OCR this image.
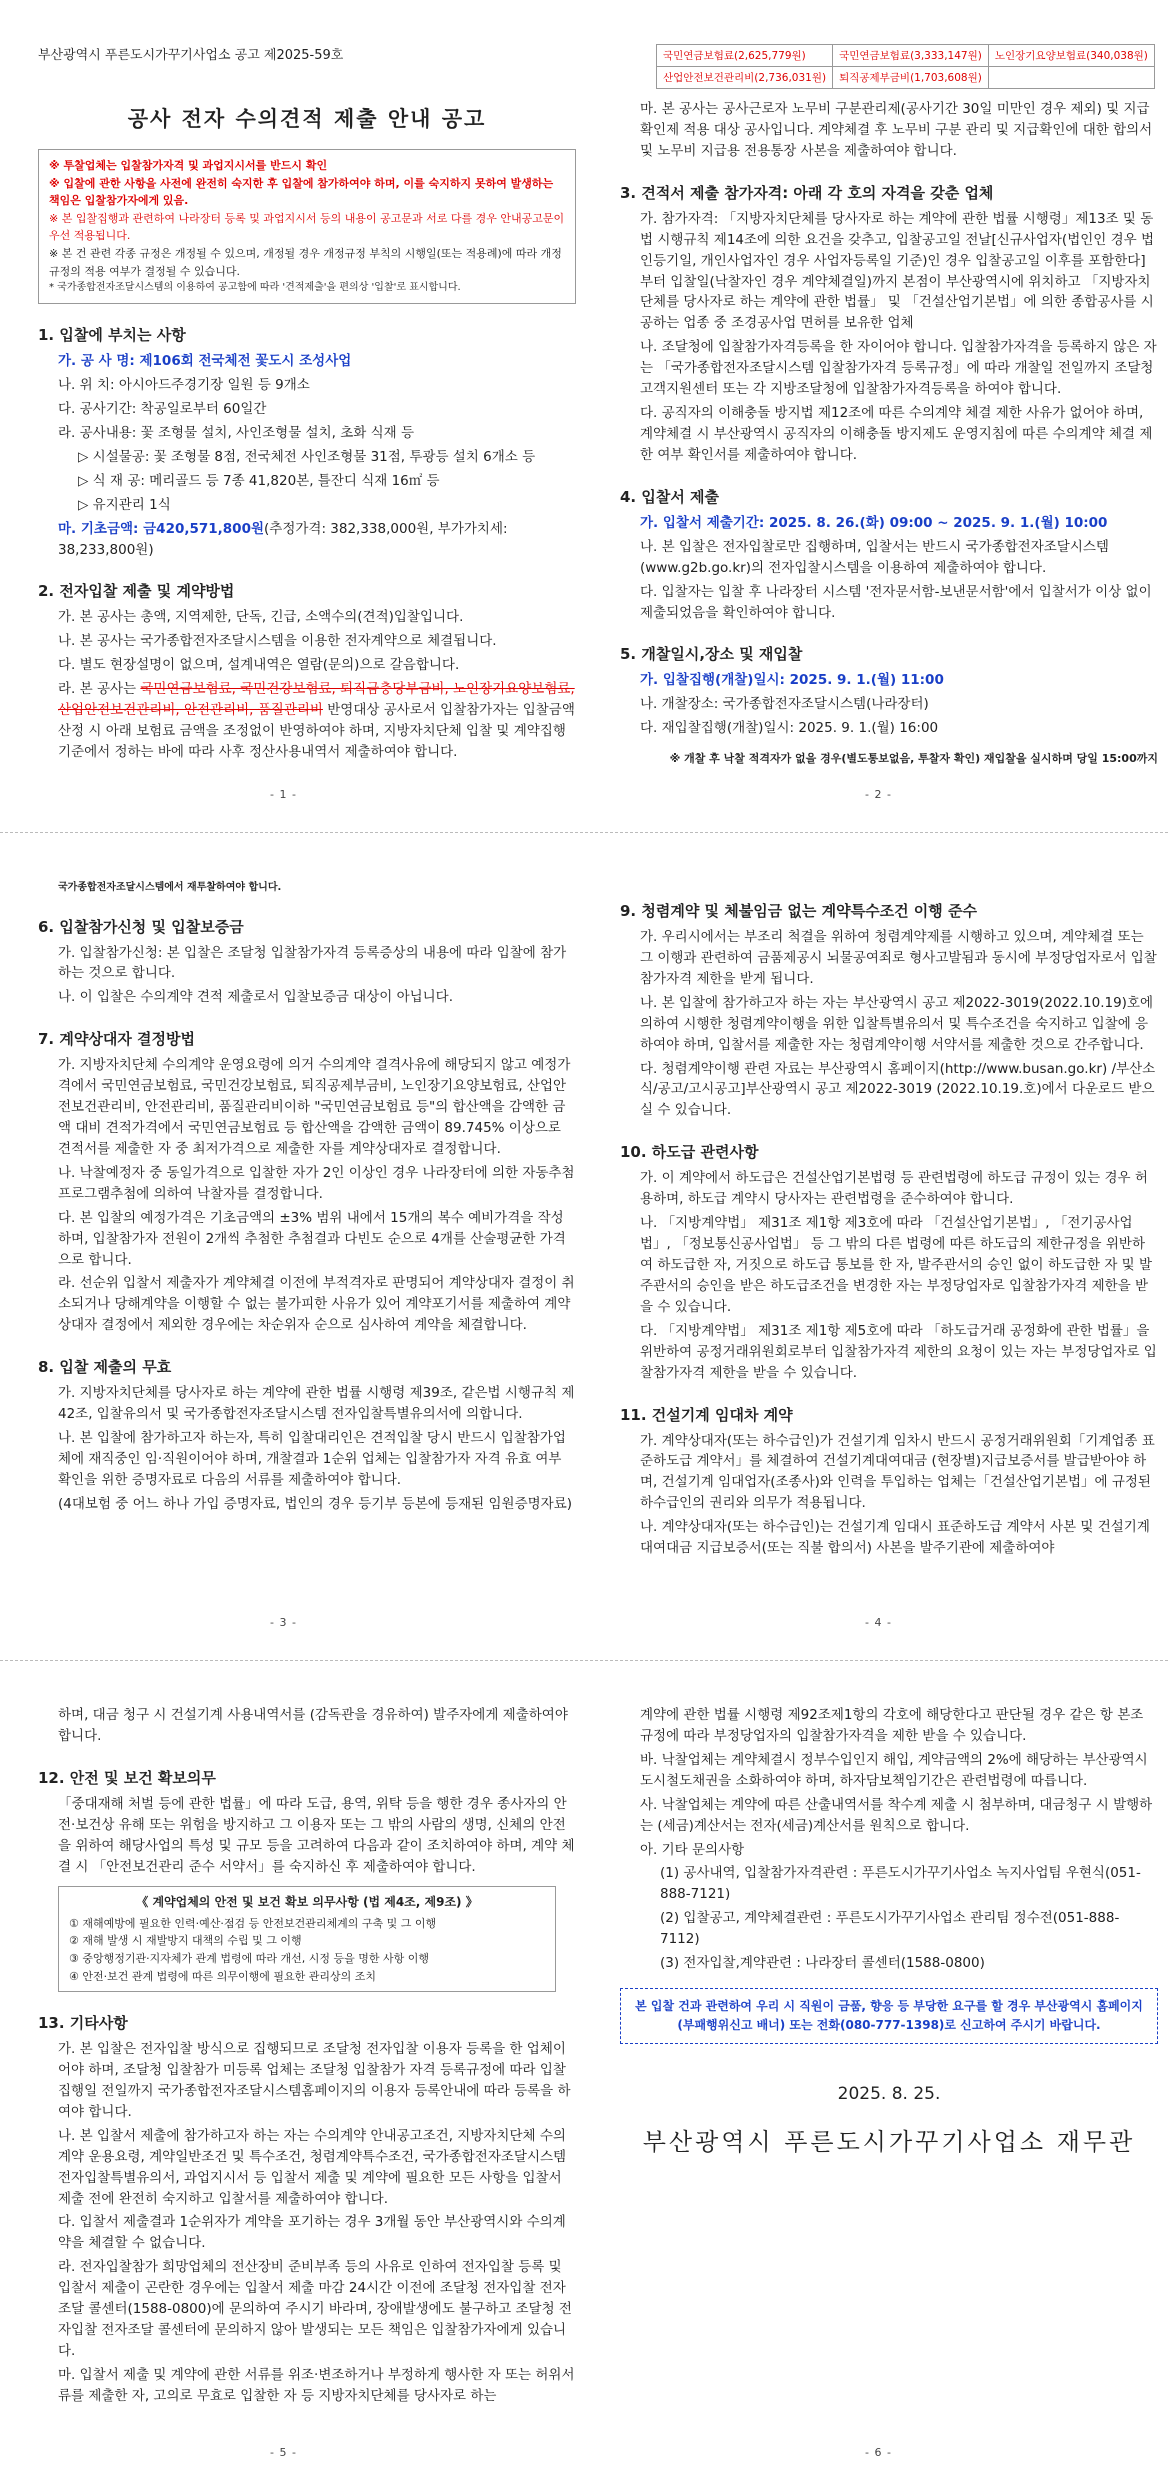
부산광역시 푸른도시가꾸기사업소 공고 제2025-59호
공사 전자 수의견적 제출 안내 공고

※ 투찰업체는 입찰참가자격 및 과업지시서를 반드시 확인

※ 입찰에 관한 사항을 사전에 완전히 숙지한 후 입찰에 참가하여야 하며, 이를 숙지하지 못하여 발생하는 책임은 입찰참가자에게 있음.

※ 본 입찰집행과 관련하여 나라장터 등록 및 과업지시서 등의 내용이 공고문과 서로 다를 경우 안내공고문이 우선 적용됩니다.

※ 본 건 관련 각종 규정은 개정될 수 있으며, 개정될 경우 개정규정 부칙의 시행일(또는 적용례)에 따라 개정규정의 적용 여부가 결정될 수 있습니다.

* 국가종합전자조달시스템의 이용하여 공고함에 따라 '견적제출'을 편의상 '입찰'로 표시합니다.

1. 입찰에 부치는 사항

가. 공 사 명: 제106회 전국체전 꽃도시 조성사업

나. 위 치: 아시아드주경기장 일원 등 9개소

다. 공사기간: 착공일로부터 60일간

라. 공사내용: 꽃 조형물 설치, 사인조형물 설치, 초화 식재 등

▷ 시설물공: 꽃 조형물 8점, 전국체전 사인조형물 31점, 투광등 설치 6개소 등

▷ 식 재 공: 메리골드 등 7종 41,820본, 틀잔디 식재 16㎡ 등

▷ 유지관리 1식

마. 기초금액: 금420,571,800원(추정가격: 382,338,000원, 부가가치세: 38,233,800원)

2. 전자입찰 제출 및 계약방법

가. 본 공사는 총액, 지역제한, 단독, 긴급, 소액수의(견적)입찰입니다.

나. 본 공사는 국가종합전자조달시스템을 이용한 전자계약으로 체결됩니다.

다. 별도 현장설명이 없으며, 설계내역은 열람(문의)으로 갈음합니다.

라. 본 공사는 국민연금보험료, 국민건강보험료, 퇴직금충당부금비, 노인장기요양보험료, 산업안전보건관리비, 안전관리비, 품질관리비 반영대상 공사로서 입찰참가자는 입찰금액 산정 시 아래 보험료 금액을 조정없이 반영하여야 하며, 지방자치단체 입찰 및 계약집행기준에서 정하는 바에 따라 사후 정산사용내역서 제출하여야 합니다.

- 1 -
국민연금보험료(2,625,779원)	국민연금보험료(3,333,147원)	노인장기요양보험료(340,038원)
산업안전보건관리비(2,736,031원)	퇴직공제부금비(1,703,608원)	

마. 본 공사는 공사근로자 노무비 구분관리제(공사기간 30일 미만인 경우 제외) 및 지급확인제 적용 대상 공사입니다. 계약체결 후 노무비 구분 관리 및 지급확인에 대한 합의서 및 노무비 지급용 전용통장 사본을 제출하여야 합니다.

3. 견적서 제출 참가자격: 아래 각 호의 자격을 갖춘 업체

가. 참가자격: 「지방자치단체를 당사자로 하는 계약에 관한 법률 시행령」제13조 및 동법 시행규칙 제14조에 의한 요건을 갖추고, 입찰공고일 전날[신규사업자(법인인 경우 법인등기일, 개인사업자인 경우 사업자등록일 기준)인 경우 입찰공고일 이후를 포함한다]부터 입찰일(낙찰자인 경우 계약체결일)까지 본점이 부산광역시에 위치하고 「지방자치단체를 당사자로 하는 계약에 관한 법률」 및 「건설산업기본법」에 의한 종합공사를 시공하는 업종 중 조경공사업 면허를 보유한 업체

나. 조달청에 입찰참가자격등록을 한 자이어야 합니다. 입찰참가자격을 등록하지 않은 자는 「국가종합전자조달시스템 입찰참가자격 등록규정」에 따라 개찰일 전일까지 조달청 고객지원센터 또는 각 지방조달청에 입찰참가자격등록을 하여야 합니다.

다. 공직자의 이해충돌 방지법 제12조에 따른 수의계약 체결 제한 사유가 없어야 하며, 계약체결 시 부산광역시 공직자의 이해충돌 방지제도 운영지침에 따른 수의계약 체결 제한 여부 확인서를 제출하여야 합니다.

4. 입찰서 제출

가. 입찰서 제출기간: 2025. 8. 26.(화) 09:00 ~ 2025. 9. 1.(월) 10:00

나. 본 입찰은 전자입찰로만 집행하며, 입찰서는 반드시 국가종합전자조달시스템 (www.g2b.go.kr)의 전자입찰시스템을 이용하여 제출하여야 합니다.

다. 입찰자는 입찰 후 나라장터 시스템 '전자문서함-보낸문서함'에서 입찰서가 이상 없이 제출되었음을 확인하여야 합니다.

5. 개찰일시,장소 및 재입찰

가. 입찰집행(개찰)일시: 2025. 9. 1.(월) 11:00

나. 개찰장소: 국가종합전자조달시스템(나라장터)

다. 재입찰집행(개찰)일시: 2025. 9. 1.(월) 16:00

※ 개찰 후 낙찰 적격자가 없을 경우(별도통보없음, 투찰자 확인) 재입찰을 실시하며 당일 15:00까지

- 2 -

국가종합전자조달시스템에서 재투찰하여야 합니다.

6. 입찰참가신청 및 입찰보증금

가. 입찰참가신청: 본 입찰은 조달청 입찰참가자격 등록증상의 내용에 따라 입찰에 참가하는 것으로 합니다.

나. 이 입찰은 수의계약 견적 제출로서 입찰보증금 대상이 아닙니다.

7. 계약상대자 결정방법

가. 지방자치단체 수의계약 운영요령에 의거 수의계약 결격사유에 해당되지 않고 예정가격에서 국민연금보험료, 국민건강보험료, 퇴직공제부금비, 노인장기요양보험료, 산업안전보건관리비, 안전관리비, 품질관리비이하 "국민연금보험료 등"의 합산액을 감액한 금액 대비 견적가격에서 국민연금보험료 등 합산액을 감액한 금액이 89.745% 이상으로 견적서를 제출한 자 중 최저가격으로 제출한 자를 계약상대자로 결정합니다.

나. 낙찰예정자 중 동일가격으로 입찰한 자가 2인 이상인 경우 나라장터에 의한 자동추첨프로그램추첨에 의하여 낙찰자를 결정합니다.

다. 본 입찰의 예정가격은 기초금액의 ±3% 범위 내에서 15개의 복수 예비가격을 작성하며, 입찰참가자 전원이 2개씩 추첨한 추첨결과 다빈도 순으로 4개를 산술평균한 가격으로 합니다.

라. 선순위 입찰서 제출자가 계약체결 이전에 부적격자로 판명되어 계약상대자 결정이 취소되거나 당해계약을 이행할 수 없는 불가피한 사유가 있어 계약포기서를 제출하여 계약상대자 결정에서 제외한 경우에는 차순위자 순으로 심사하여 계약을 체결합니다.

8. 입찰 제출의 무효

가. 지방자치단체를 당사자로 하는 계약에 관한 법률 시행령 제39조, 같은법 시행규칙 제42조, 입찰유의서 및 국가종합전자조달시스템 전자입찰특별유의서에 의합니다.

나. 본 입찰에 참가하고자 하는자, 특히 입찰대리인은 견적입찰 당시 반드시 입찰참가업체에 재직중인 임·직원이어야 하며, 개찰결과 1순위 업체는 입찰참가자 자격 유효 여부 확인을 위한 증명자료로 다음의 서류를 제출하여야 합니다.

(4대보험 중 어느 하나 가입 증명자료, 법인의 경우 등기부 등본에 등재된 임원증명자료)

- 3 -
9. 청렴계약 및 체불임금 없는 계약특수조건 이행 준수

가. 우리시에서는 부조리 척결을 위하여 청렴계약제를 시행하고 있으며, 계약체결 또는 그 이행과 관련하여 금품제공시 뇌물공여죄로 형사고발됨과 동시에 부정당업자로서 입찰참가자격 제한을 받게 됩니다.

나. 본 입찰에 참가하고자 하는 자는 부산광역시 공고 제2022-3019(2022.10.19)호에 의하여 시행한 청렴계약이행을 위한 입찰특별유의서 및 특수조건을 숙지하고 입찰에 응하여야 하며, 입찰서를 제출한 자는 청렴계약이행 서약서를 제출한 것으로 간주합니다.

다. 청렴계약이행 관련 자료는 부산광역시 홈페이지(http://www.busan.go.kr) /부산소식/공고/고시공고]부산광역시 공고 제2022-3019 (2022.10.19.호)에서 다운로드 받으실 수 있습니다.

10. 하도급 관련사항

가. 이 계약에서 하도급은 건설산업기본법령 등 관련법령에 하도급 규정이 있는 경우 허용하며, 하도급 계약시 당사자는 관련법령을 준수하여야 합니다.

나. 「지방계약법」 제31조 제1항 제3호에 따라 「건설산업기본법」, 「전기공사업법」, 「정보통신공사업법」 등 그 밖의 다른 법령에 따른 하도급의 제한규정을 위반하여 하도급한 자, 거짓으로 하도급 통보를 한 자, 발주관서의 승인 없이 하도급한 자 및 발주관서의 승인을 받은 하도급조건을 변경한 자는 부정당업자로 입찰참가자격 제한을 받을 수 있습니다.

다. 「지방계약법」 제31조 제1항 제5호에 따라 「하도급거래 공정화에 관한 법률」을 위반하여 공정거래위원회로부터 입찰참가자격 제한의 요청이 있는 자는 부정당업자로 입찰참가자격 제한을 받을 수 있습니다.

11. 건설기계 임대차 계약

가. 계약상대자(또는 하수급인)가 건설기계 임차시 반드시 공정거래위원회「기계업종 표준하도급 계약서」를 체결하여 건설기계대여대금 (현장별)지급보증서를 발급받아야 하며, 건설기계 임대업자(조종사)와 인력을 투입하는 업체는「건설산업기본법」에 규정된 하수급인의 권리와 의무가 적용됩니다.

나. 계약상대자(또는 하수급인)는 건설기계 임대시 표준하도급 계약서 사본 및 건설기계대여대금 지급보증서(또는 직불 합의서) 사본을 발주기관에 제출하여야

- 4 -

하며, 대금 청구 시 건설기계 사용내역서를 (감독관을 경유하여) 발주자에게 제출하여야 합니다.

12. 안전 및 보건 확보의무

「중대재해 처벌 등에 관한 법률」에 따라 도급, 용역, 위탁 등을 행한 경우 종사자의 안전·보건상 유해 또는 위험을 방지하고 그 이용자 또는 그 밖의 사람의 생명, 신체의 안전을 위하여 해당사업의 특성 및 규모 등을 고려하여 다음과 같이 조치하여야 하며, 계약 체결 시 「안전보건관리 준수 서약서」를 숙지하신 후 제출하여야 합니다.

《 계약업체의 안전 및 보건 확보 의무사항 (법 제4조, 제9조) 》
① 재해예방에 필요한 인력·예산·점검 등 안전보건관리체계의 구축 및 그 이행
② 재해 발생 시 재발방지 대책의 수립 및 그 이행
③ 중앙행정기관·지자체가 관계 법령에 따라 개선, 시정 등을 명한 사항 이행
④ 안전·보건 관계 법령에 따른 의무이행에 필요한 관리상의 조치
13. 기타사항

가. 본 입찰은 전자입찰 방식으로 집행되므로 조달청 전자입찰 이용자 등록을 한 업체이어야 하며, 조달청 입찰참가 미등록 업체는 조달청 입찰참가 자격 등록규정에 따라 입찰집행일 전일까지 국가종합전자조달시스템홈페이지의 이용자 등록안내에 따라 등록을 하여야 합니다.

나. 본 입찰서 제출에 참가하고자 하는 자는 수의계약 안내공고조건, 지방자치단체 수의계약 운용요령, 계약일반조건 및 특수조건, 청렴계약특수조건, 국가종합전자조달시스템 전자입찰특별유의서, 과업지시서 등 입찰서 제출 및 계약에 필요한 모든 사항을 입찰서 제출 전에 완전히 숙지하고 입찰서를 제출하여야 합니다.

다. 입찰서 제출결과 1순위자가 계약을 포기하는 경우 3개월 동안 부산광역시와 수의계약을 체결할 수 없습니다.

라. 전자입찰참가 희망업체의 전산장비 준비부족 등의 사유로 인하여 전자입찰 등록 및 입찰서 제출이 곤란한 경우에는 입찰서 제출 마감 24시간 이전에 조달청 전자입찰 전자조달 콜센터(1588-0800)에 문의하여 주시기 바라며, 장애발생에도 불구하고 조달청 전자입찰 전자조달 콜센터에 문의하지 않아 발생되는 모든 책임은 입찰참가자에게 있습니다.

마. 입찰서 제출 및 계약에 관한 서류를 위조·변조하거나 부정하게 행사한 자 또는 허위서류를 제출한 자, 고의로 무효로 입찰한 자 등 지방자치단체를 당사자로 하는

- 5 -

계약에 관한 법률 시행령 제92조제1항의 각호에 해당한다고 판단될 경우 같은 항 본조 규정에 따라 부정당업자의 입찰참가자격을 제한 받을 수 있습니다.

바. 낙찰업체는 계약체결시 정부수입인지 해입, 계약금액의 2%에 해당하는 부산광역시 도시철도채권을 소화하여야 하며, 하자담보책임기간은 관련법령에 따릅니다.

사. 낙찰업체는 계약에 따른 산출내역서를 착수계 제출 시 첨부하며, 대금청구 시 발행하는 (세금)계산서는 전자(세금)계산서를 원칙으로 합니다.

아. 기타 문의사항

(1) 공사내역, 입찰참가자격관련 : 푸른도시가꾸기사업소 녹지사업팀 우현식(051-888-7121)

(2) 입찰공고, 계약체결관련 : 푸른도시가꾸기사업소 관리팀 정수전(051-888-7112)

(3) 전자입찰,계약관련 : 나라장터 콜센터(1588-0800)

본 입찰 건과 관련하여 우리 시 직원이 금품, 향응 등 부당한 요구를 할 경우 부산광역시 홈페이지(부패행위신고 배너) 또는 전화(080-777-1398)로 신고하여 주시기 바랍니다.
2025. 8. 25.
부산광역시 푸른도시가꾸기사업소 재무관
- 6 -
